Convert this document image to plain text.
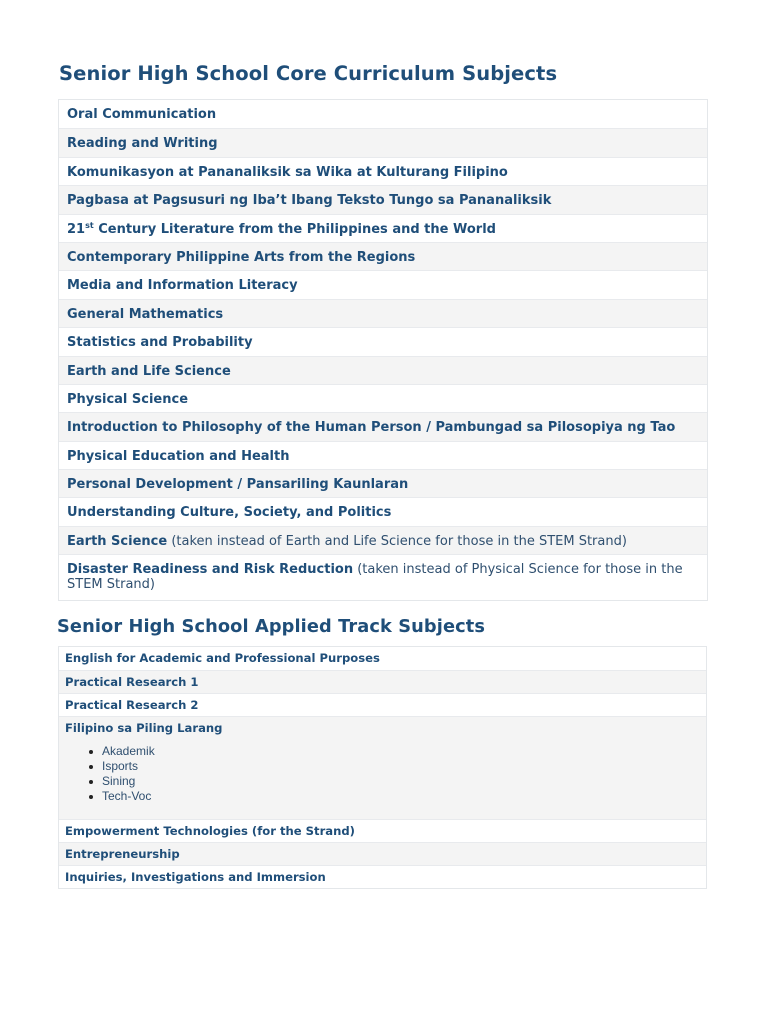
Senior High School Core Curriculum Subjects
Oral Communication
Reading and Writing
Komunikasyon at Pananaliksik sa Wika at Kulturang Filipino
Pagbasa at Pagsusuri ng Iba’t Ibang Teksto Tungo sa Pananaliksik
21st Century Literature from the Philippines and the World
Contemporary Philippine Arts from the Regions
Media and Information Literacy
General Mathematics
Statistics and Probability
Earth and Life Science
Physical Science
Introduction to Philosophy of the Human Person / Pambungad sa Pilosopiya ng Tao
Physical Education and Health
Personal Development / Pansariling Kaunlaran
Understanding Culture, Society, and Politics
Earth Science (taken instead of Earth and Life Science for those in the STEM Strand)
Disaster Readiness and Risk Reduction (taken instead of Physical Science for those in the STEM Strand)
Senior High School Applied Track Subjects
English for Academic and Professional Purposes
Practical Research 1
Practical Research 2
Filipino sa Piling Larang
Akademik
Isports
Sining
Tech-Voc
Empowerment Technologies (for the Strand)
Entrepreneurship
Inquiries, Investigations and Immersion
